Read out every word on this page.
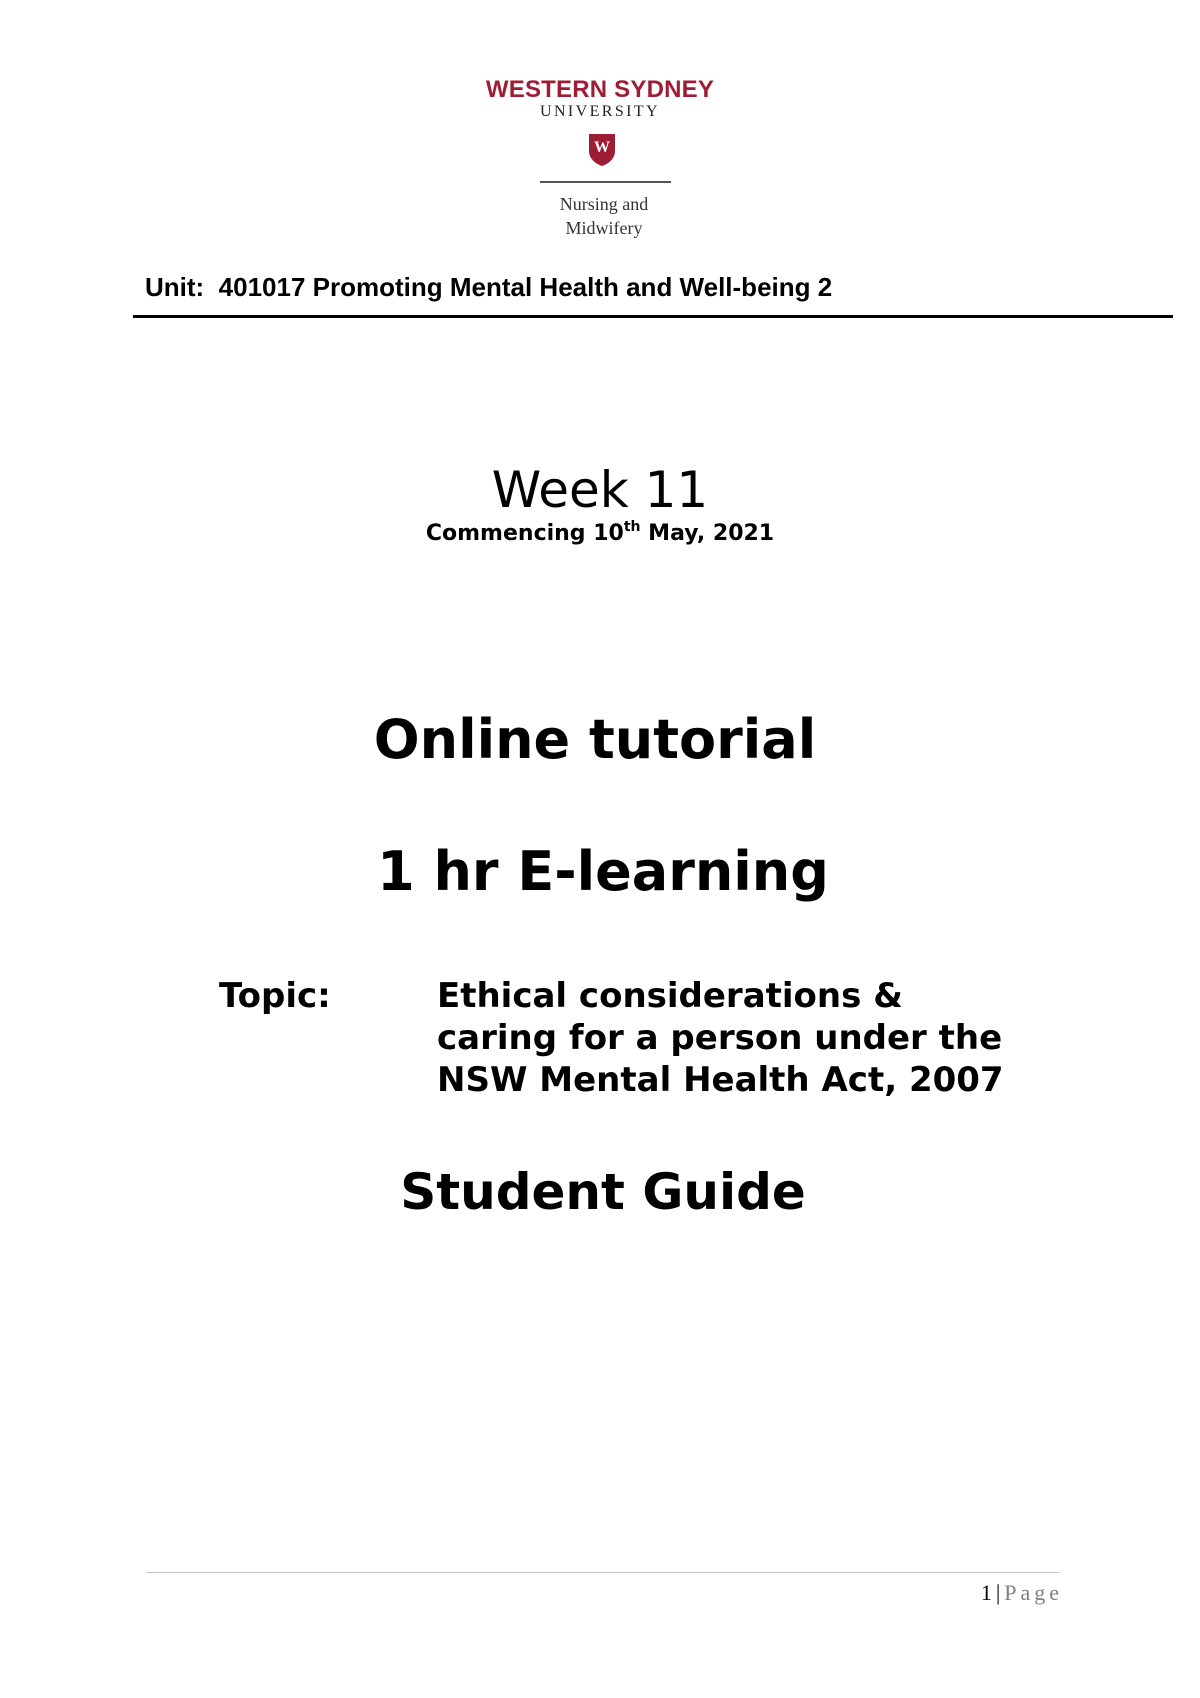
WESTERN SYDNEY
UNIVERSITY
W
Nursing and
Midwifery
Unit: 401017 Promoting Mental Health and Well-being 2
Week 11
Commencing 10th May, 2021
Online tutorial
1 hr E-learning
Topic:	Ethical considerations &
caring for a person under the
NSW Mental Health Act, 2007
Student Guide
1 | Page
